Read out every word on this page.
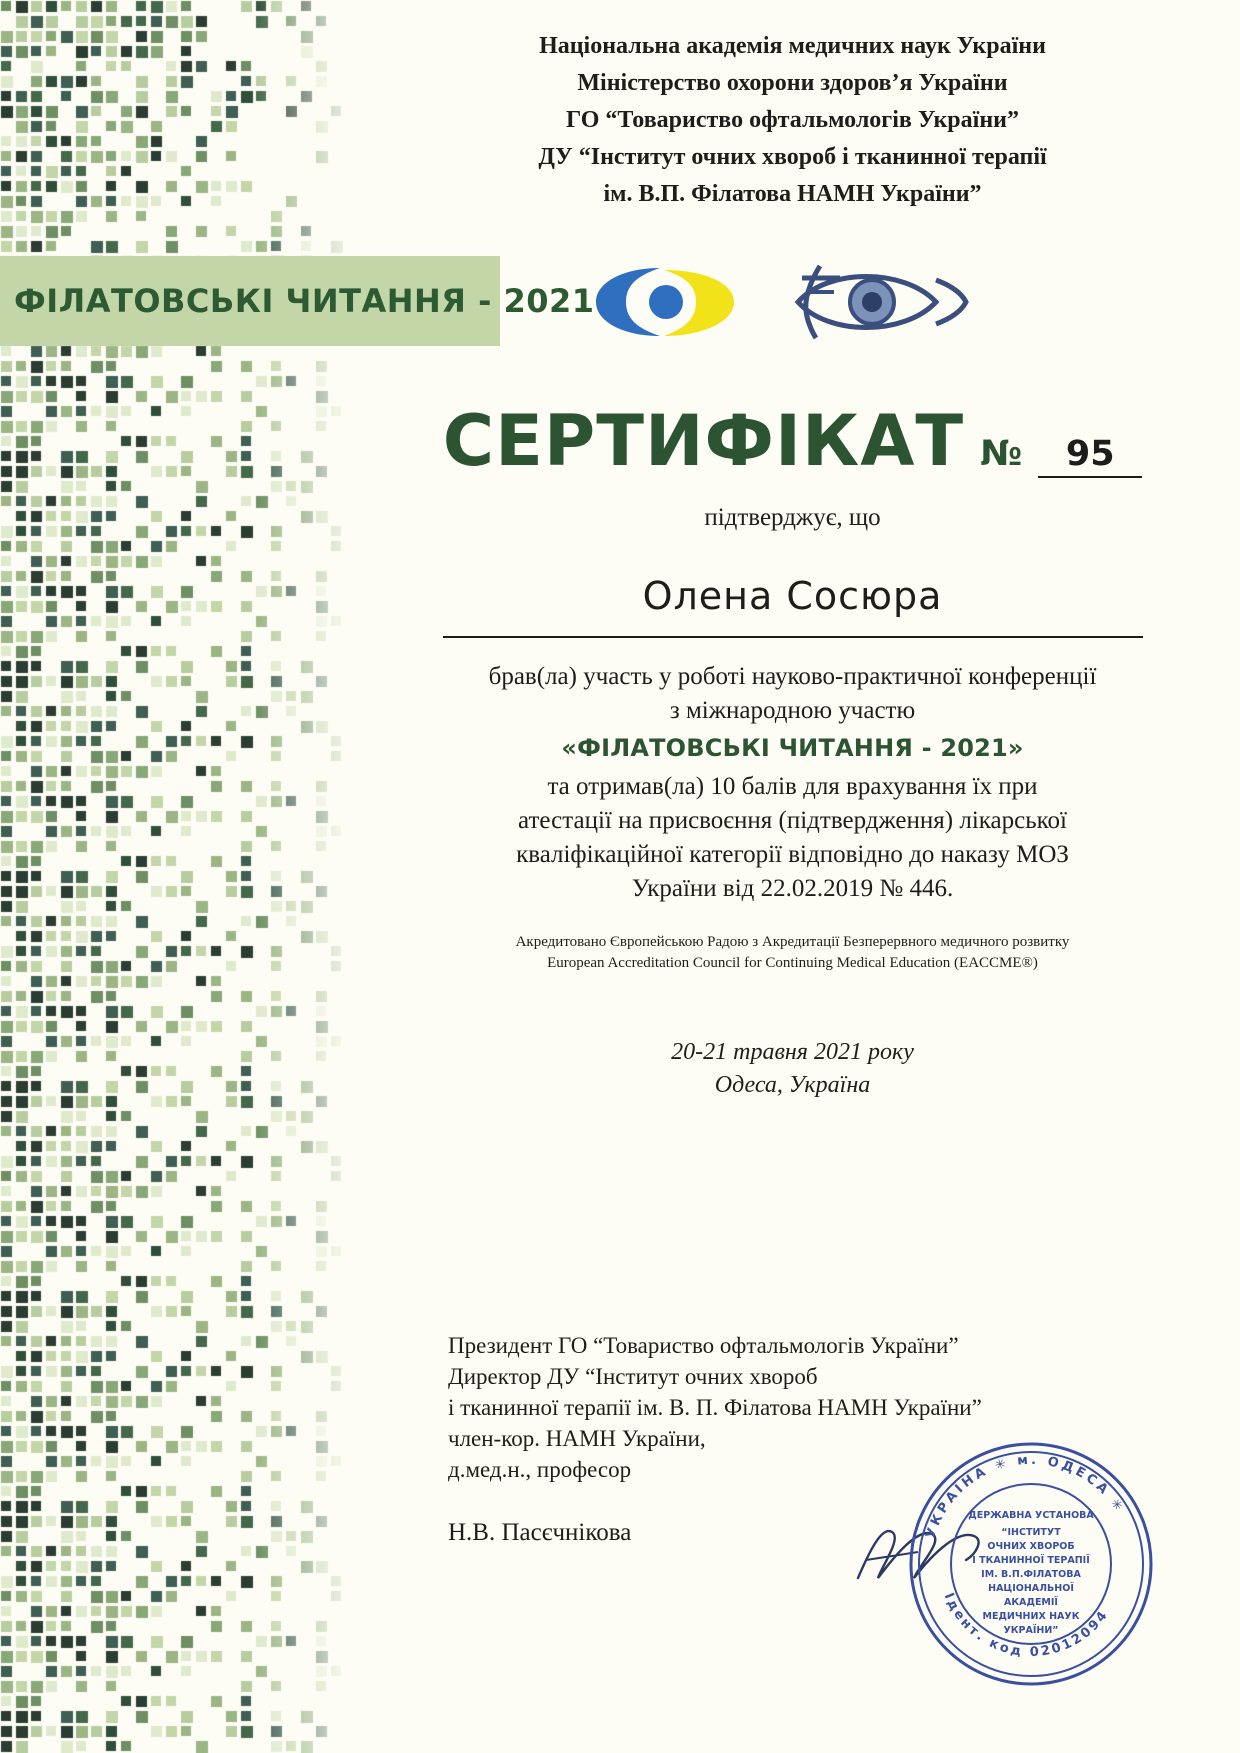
Національна академія медичних наук України
Міністерство охорони здоров’я України
ГО “Товариство офтальмологів України”
ДУ “Інститут очних хвороб і тканинної терапії
ім. В.П. Філатова НАМН України”
ФІЛАТОВСЬКІ ЧИТАННЯ - 2021
СЕРТИФІКАТ №	95
підтверджує, що
Олена Сосюра
брав(ла) участь у роботі науково-практичної конференції
з міжнародною участю
«ФІЛАТОВСЬКІ ЧИТАННЯ - 2021»
та отримав(ла) 10 балів для врахування їх при
атестації на присвоєння (підтвердження) лікарської
кваліфікаційної категорії відповідно до наказу МОЗ
України від 22.02.2019 № 446.
Акредитовано Європейською Радою з Акредитації Безперервного медичного розвитку
European Accreditation Council for Continuing Medical Education (EACCME®)
20-21 травня 2021 року
Одеса, Україна
Президент ГО “Товариство офтальмологів України”
Директор ДУ “Інститут очних хвороб
і тканинної терапії ім. В. П. Філатова НАМН України”
член-кор. НАМН України,
д.мед.н., професор
Н.В. Пасєчнікова	УКРАЇНА ✳ м. ОДЕСА ✳
Ідент. код 02012094
ДЕРЖАВНА УСТАНОВА
“ІНСТИТУТ
ОЧНИХ ХВОРОБ
І ТКАНИННОЇ ТЕРАПІЇ
ІМ. В.П.ФІЛАТОВА
НАЦІОНАЛЬНОЇ
АКАДЕМІЇ
МЕДИЧНИХ НАУК
УКРАЇНИ”
